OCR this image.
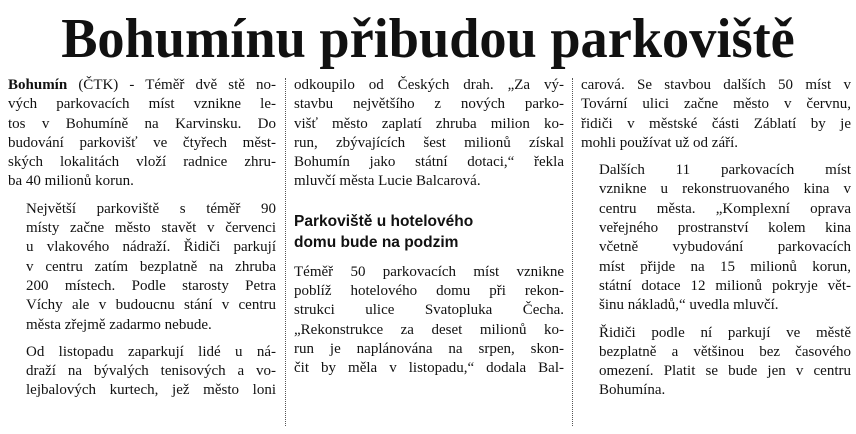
Bohumínu přibudou parkoviště

Bohumín (ČTK) - Téměř dvě stě no-
vých parkovacích míst vznikne le-
tos v Bohumíně na Karvinsku. Do
budování parkovišť ve čtyřech měst-
ských lokalitách vloží radnice zhru-
ba 40 milionů korun.

Největší parkoviště s téměř 90
místy začne město stavět v červenci
u vlakového nádraží. Řidiči parkují
v centru zatím bezplatně na zhruba
200 místech. Podle starosty Petra
Víchy ale v budoucnu stání v centru
města zřejmě zadarmo nebude.

Od listopadu zaparkují lidé u ná-
draží na bývalých tenisových a vo-
lejbalových kurtech, jež město loni

odkoupilo od Českých drah. „Za vý-
stavbu největšího z nových parko-
višť město zaplatí zhruba milion ko-
run, zbývajících šest milionů získal
Bohumín jako státní dotaci,“ řekla
mluvčí města Lucie Balcarová.

Parkoviště u hotelového
domu bude na podzim

Téměř 50 parkovacích míst vznikne
poblíž hotelového domu při rekon-
strukci ulice Svatopluka Čecha.
„Rekonstrukce za deset milionů ko-
run je naplánována na srpen, skon-
čit by měla v listopadu,“ dodala Bal-

carová. Se stavbou dalších 50 míst v
Tovární ulici začne město v červnu,
řidiči v městské části Záblatí by je
mohli používat už od září.

Dalších 11 parkovacích míst
vznikne u rekonstruovaného kina v
centru města. „Komplexní oprava
veřejného prostranství kolem kina
včetně vybudování parkovacích
míst přijde na 15 milionů korun,
státní dotace 12 milionů pokryje vět-
šinu nákladů,“ uvedla mluvčí.

Řidiči podle ní parkují ve městě
bezplatně a většinou bez časového
omezení. Platit se bude jen v centru
Bohumína.
